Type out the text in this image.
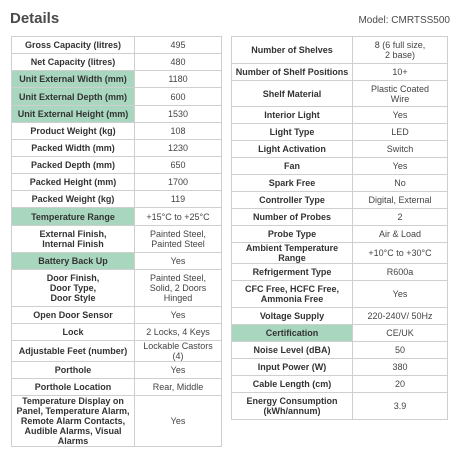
Details	Model: CMRTSS500
Gross Capacity (litres)	495
Net Capacity (litres)	480
Unit External Width (mm)	1180
Unit External Depth (mm)	600
Unit External Height (mm)	1530
Product Weight (kg)	108
Packed Width (mm)	1230
Packed Depth (mm)	650
Packed Height (mm)	1700
Packed Weight (kg)	119
Temperature Range	+15°C to +25°C
External Finish,
Internal Finish	Painted Steel,
Painted Steel
Battery Back Up	Yes
Door Finish,
Door Type,
Door Style	Painted Steel,
Solid, 2 Doors
Hinged
Open Door Sensor	Yes
Lock	2 Locks, 4 Keys
Adjustable Feet (number)	Lockable Castors (4)
Porthole	Yes
Porthole Location	Rear, Middle
Temperature Display on
Panel, Temperature Alarm,
Remote Alarm Contacts,
Audible Alarms, Visual Alarms	Yes
Number of Shelves	8 (6 full size,
2 base)
Number of Shelf Positions	10+
Shelf Material	Plastic Coated
Wire
Interior Light	Yes
Light Type	LED
Light Activation	Switch
Fan	Yes
Spark Free	No
Controller Type	Digital, External
Number of Probes	2
Probe Type	Air & Load
Ambient Temperature Range	+10°C to +30°C
Refrigerment Type	R600a
CFC Free, HCFC Free,
Ammonia Free	Yes
Voltage Supply	220-240V/ 50Hz
Certification	CE/UK
Noise Level (dBA)	50
Input Power (W)	380
Cable Length (cm)	20
Energy Consumption
(kWh/annum)	3.9
